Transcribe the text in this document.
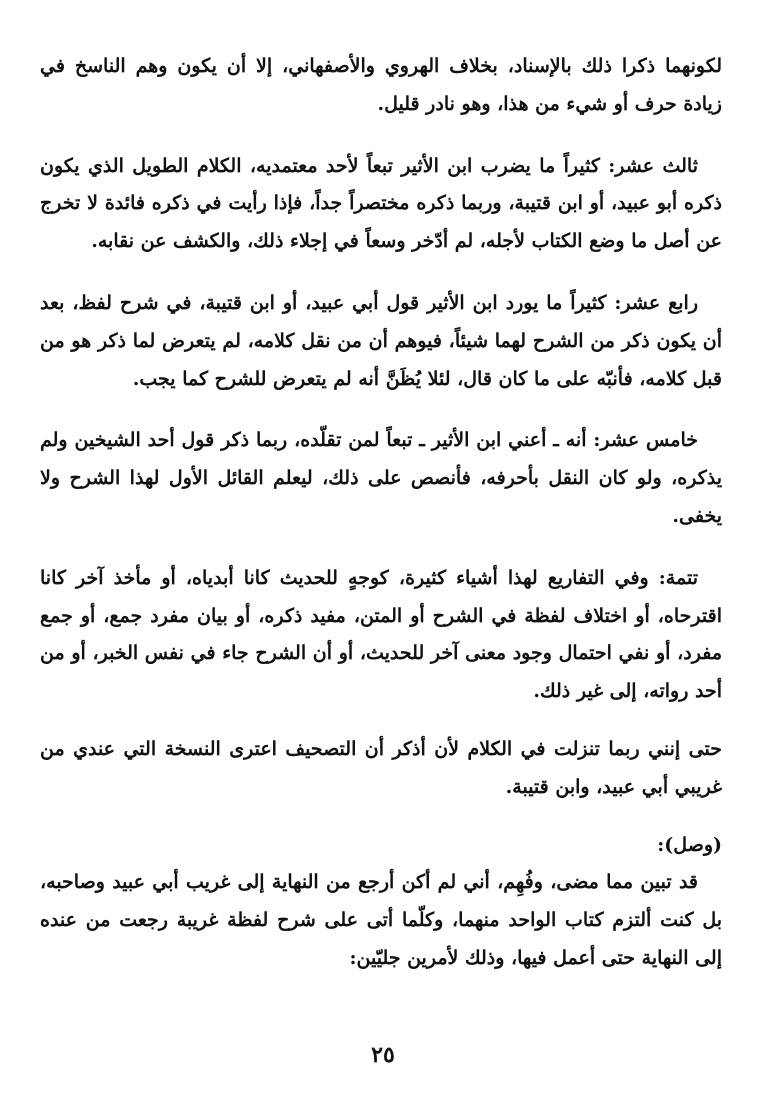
لكونهما ذكرا ذلك بالإسناد، بخلاف الهروي والأصفهاني، إلا أن يكون وهم الناسخ في زيادة حرف أو شيء من هذا، وهو نادر قليل.

ثالث عشر: كثيراً ما يضرب ابن الأثير تبعاً لأحد معتمديه، الكلام الطويل الذي يكون ذكره أبو عبيد، أو ابن قتيبة، وربما ذكره مختصراً جداً، فإذا رأيت في ذكره فائدة لا تخرج عن أصل ما وضع الكتاب لأجله، لم أدّخر وسعاً في إجلاء ذلك، والكشف عن نقابه.

رابع عشر: كثيراً ما يورد ابن الأثير قول أبي عبيد، أو ابن قتيبة، في شرح لفظ، بعد أن يكون ذكر من الشرح لهما شيئاً، فيوهم أن من نقل كلامه، لم يتعرض لما ذكر هو من قبل كلامه، فأنبّه على ما كان قال، لئلا يُظَنَّ أنه لم يتعرض للشرح كما يجب.

خامس عشر: أنه ـ أعني ابن الأثير ـ تبعاً لمن تقلّده، ربما ذكر قول أحد الشيخين ولم يذكره، ولو كان النقل بأحرفه، فأنصص على ذلك، ليعلم القائل الأول لهذا الشرح ولا يخفى.

تتمة: وفي التفاريع لهذا أشياء كثيرة، كوجهٍ للحديث كانا أبدياه، أو مأخذ آخر كانا اقترحاه، أو اختلاف لفظة في الشرح أو المتن، مفيد ذكره، أو بيان مفرد جمع، أو جمع مفرد، أو نفي احتمال وجود معنى آخر للحديث، أو أن الشرح جاء في نفس الخبر، أو من أحد رواته، إلى غير ذلك.

حتى إنني ربما تنزلت في الكلام لأن أذكر أن التصحيف اعترى النسخة التي عندي من غريبي أبي عبيد، وابن قتيبة.

(وصل):

قد تبين مما مضى، وفُهِم، أني لم أكن أرجع من النهاية إلى غريب أبي عبيد وصاحبه، بل كنت ألتزم كتاب الواحد منهما، وكلّما أتى على شرح لفظة غريبة رجعت من عنده إلى النهاية حتى أعمل فيها، وذلك لأمرين جليّين:

٢٥
